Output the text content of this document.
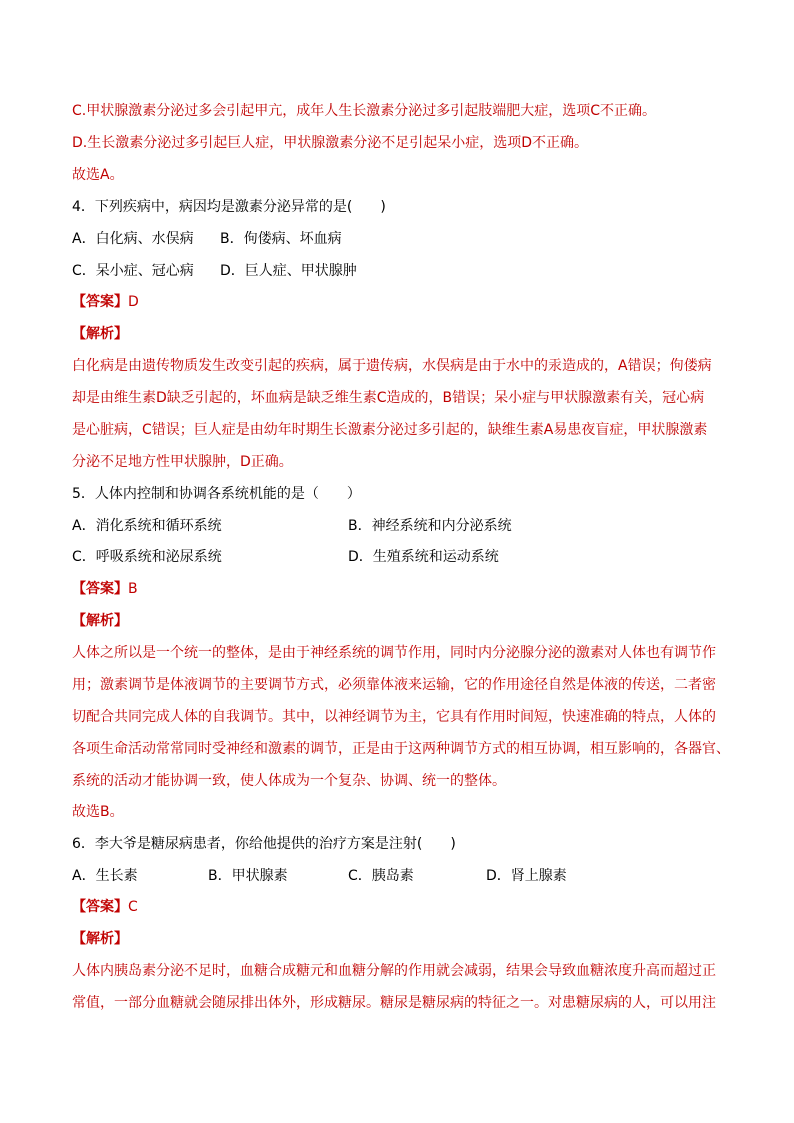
C.甲状腺激素分泌过多会引起甲亢，成年人生长激素分泌过多引起肢端肥大症，选项C不正确。
D.生长激素分泌过多引起巨人症，甲状腺激素分泌不足引起呆小症，选项D不正确。
故选A。
4．下列疾病中，病因均是激素分泌异常的是(　　)
A．白化病、水俣病 B．佝偻病、坏血病
C．呆小症、冠心病 D．巨人症、甲状腺肿
【答案】D
【解析】
白化病是由遗传物质发生改变引起的疾病，属于遗传病，水俣病是由于水中的汞造成的，A错误；佝偻病
却是由维生素D缺乏引起的，坏血病是缺乏维生素C造成的，B错误；呆小症与甲状腺激素有关，冠心病
是心脏病，C错误；巨人症是由幼年时期生长激素分泌过多引起的，缺维生素A易患夜盲症，甲状腺激素
分泌不足地方性甲状腺肿，D正确。
5．人体内控制和协调各系统机能的是（　　）
A．消化系统和循环系统	B．神经系统和内分泌系统
C．呼吸系统和泌尿系统	D．生殖系统和运动系统
【答案】B
【解析】
人体之所以是一个统一的整体，是由于神经系统的调节作用，同时内分泌腺分泌的激素对人体也有调节作
用；激素调节是体液调节的主要调节方式，必须靠体液来运输，它的作用途径自然是体液的传送，二者密
切配合共同完成人体的自我调节。其中，以神经调节为主，它具有作用时间短，快速准确的特点，人体的
各项生命活动常常同时受神经和激素的调节，正是由于这两种调节方式的相互协调，相互影响的，各器官、
系统的活动才能协调一致，使人体成为一个复杂、协调、统一的整体。
故选B。
6．李大爷是糖尿病患者，你给他提供的治疗方案是注射(　　)
A．生长素	B．甲状腺素	C．胰岛素	D．肾上腺素
【答案】C
【解析】
人体内胰岛素分泌不足时，血糖合成糖元和血糖分解的作用就会减弱，结果会导致血糖浓度升高而超过正
常值，一部分血糖就会随尿排出体外，形成糖尿。糖尿是糖尿病的特征之一。对患糖尿病的人，可以用注
